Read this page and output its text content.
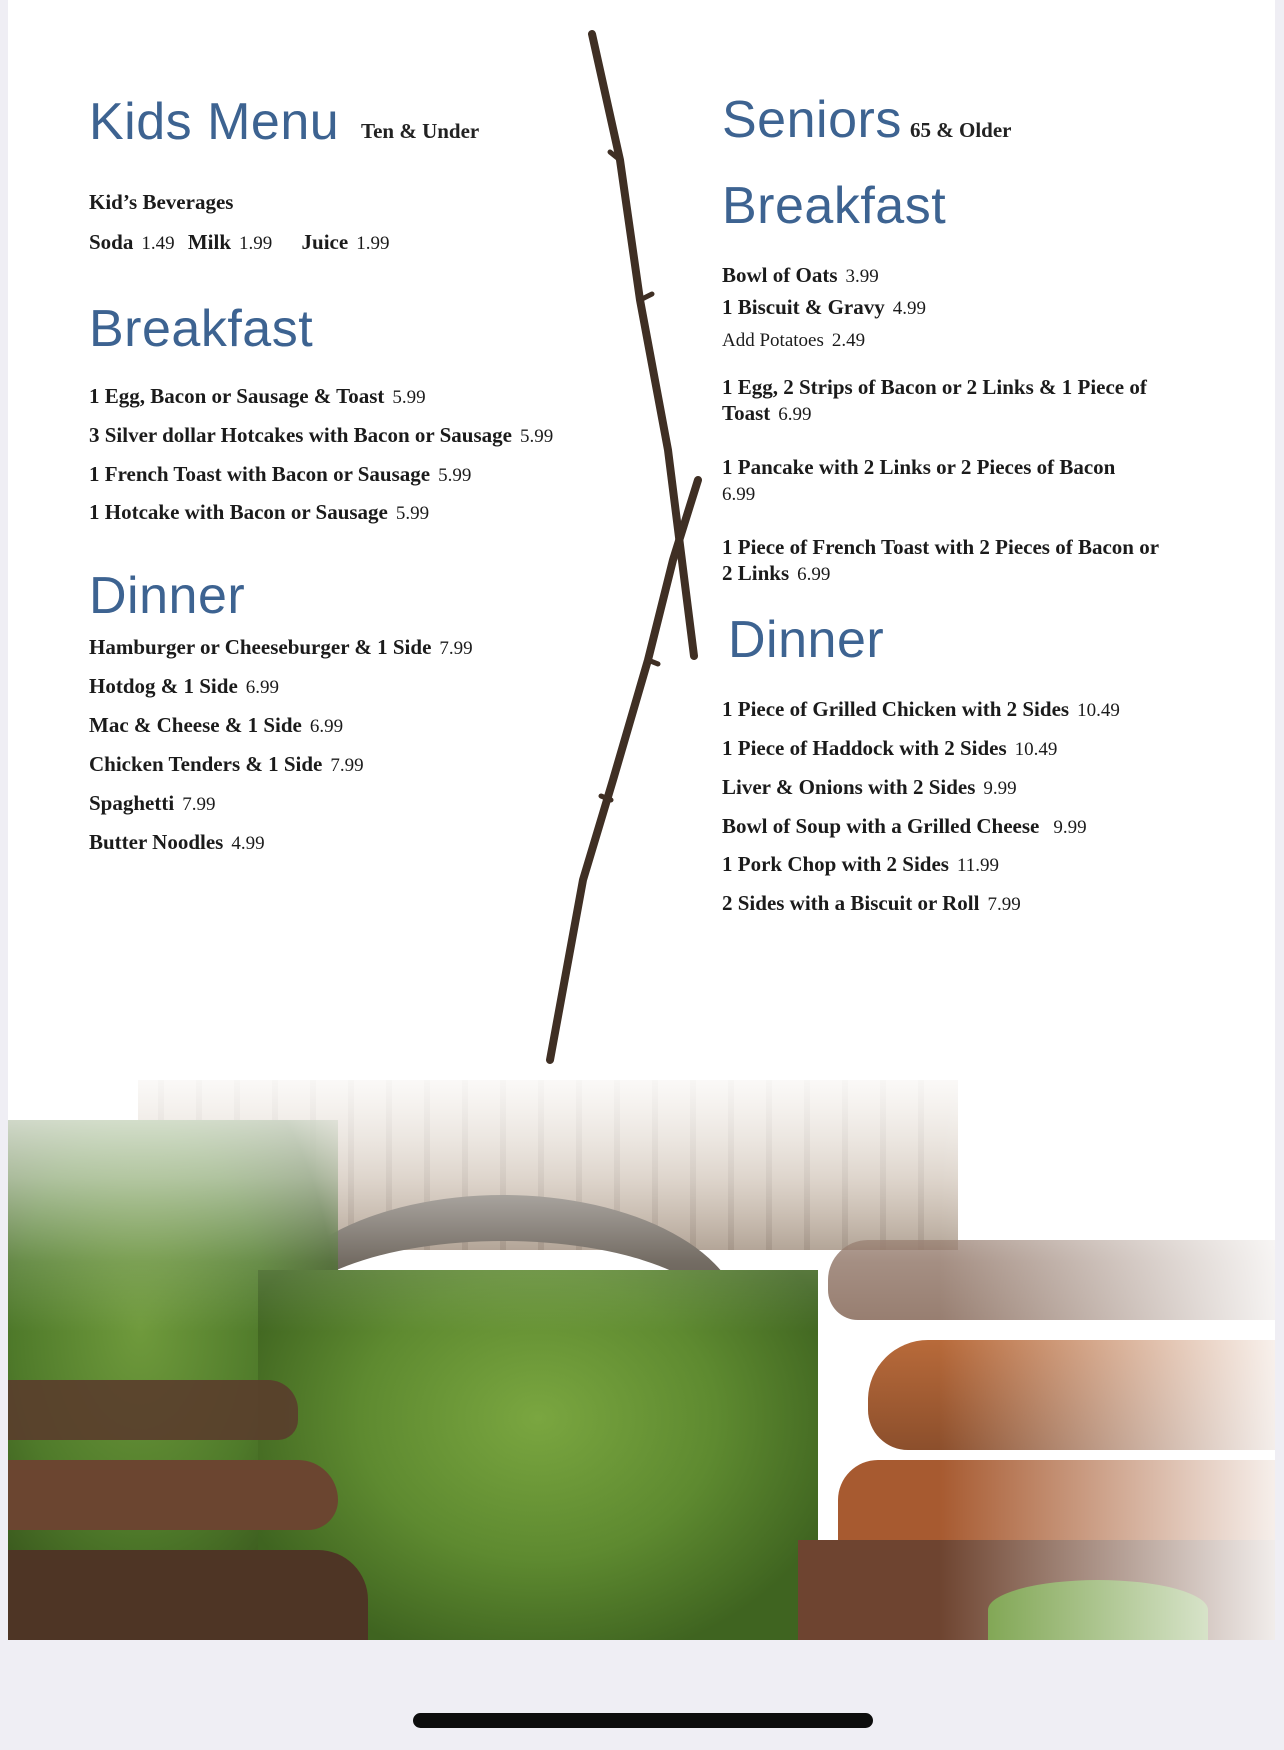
Kids Menu Ten & Under
Kid’s Beverages
Soda 1.49 Milk 1.99 Juice 1.99
Breakfast
1 Egg, Bacon or Sausage & Toast 5.99
3 Silver dollar Hotcakes with Bacon or Sausage 5.99
1 French Toast with Bacon or Sausage 5.99
1 Hotcake with Bacon or Sausage 5.99
Dinner
Hamburger or Cheeseburger & 1 Side 7.99
Hotdog & 1 Side 6.99
Mac & Cheese & 1 Side 6.99
Chicken Tenders & 1 Side 7.99
Spaghetti 7.99
Butter Noodles 4.99
Seniors 65 & Older
Breakfast
Bowl of Oats 3.99
1 Biscuit & Gravy 4.99
Add Potatoes 2.49
1 Egg, 2 Strips of Bacon or 2 Links & 1 Piece of Toast 6.99
1 Pancake with 2 Links or 2 Pieces of Bacon
6.99
1 Piece of French Toast with 2 Pieces of Bacon or 2 Links 6.99
Dinner
1 Piece of Grilled Chicken with 2 Sides 10.49
1 Piece of Haddock with 2 Sides 10.49
Liver & Onions with 2 Sides 9.99
Bowl of Soup with a Grilled Cheese 9.99
1 Pork Chop with 2 Sides 11.99
2 Sides with a Biscuit or Roll 7.99
